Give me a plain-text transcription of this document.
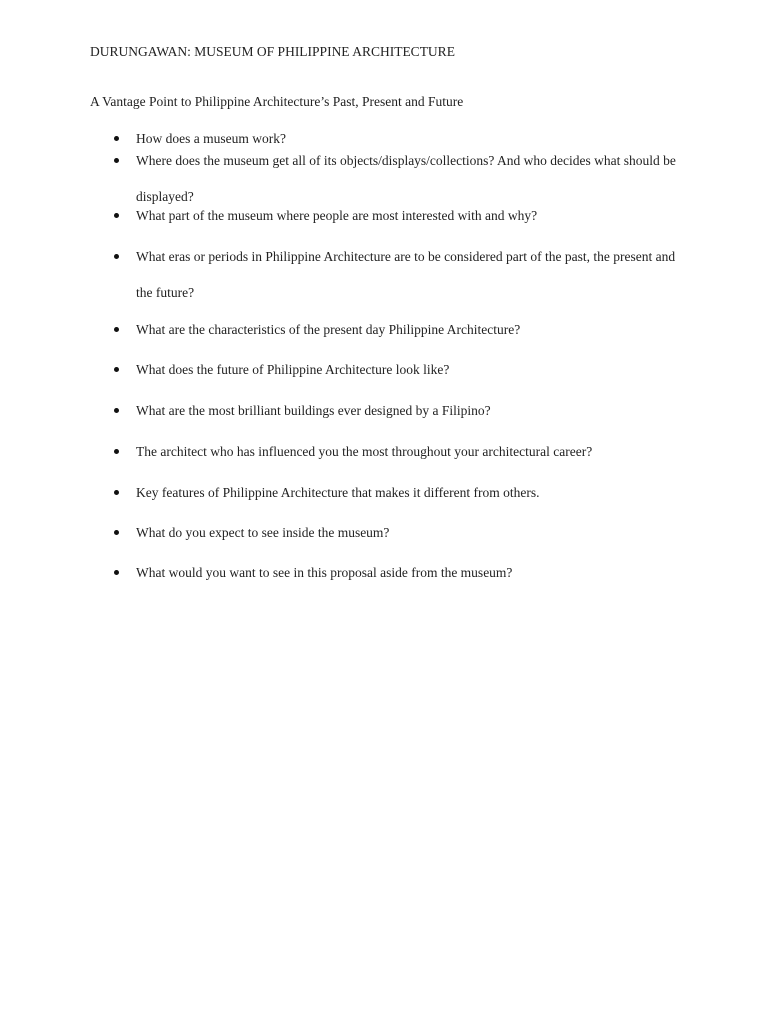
DURUNGAWAN: MUSEUM OF PHILIPPINE ARCHITECTURE
A Vantage Point to Philippine Architecture’s Past, Present and Future
How does a museum work?
Where does the museum get all of its objects/displays/collections? And who decides what should be displayed?
What part of the museum where people are most interested with and why?
What eras or periods in Philippine Architecture are to be considered part of the past, the present and the future?
What are the characteristics of the present day Philippine Architecture?
What does the future of Philippine Architecture look like?
What are the most brilliant buildings ever designed by a Filipino?
The architect who has influenced you the most throughout your architectural career?
Key features of Philippine Architecture that makes it different from others.
What do you expect to see inside the museum?
What would you want to see in this proposal aside from the museum?
